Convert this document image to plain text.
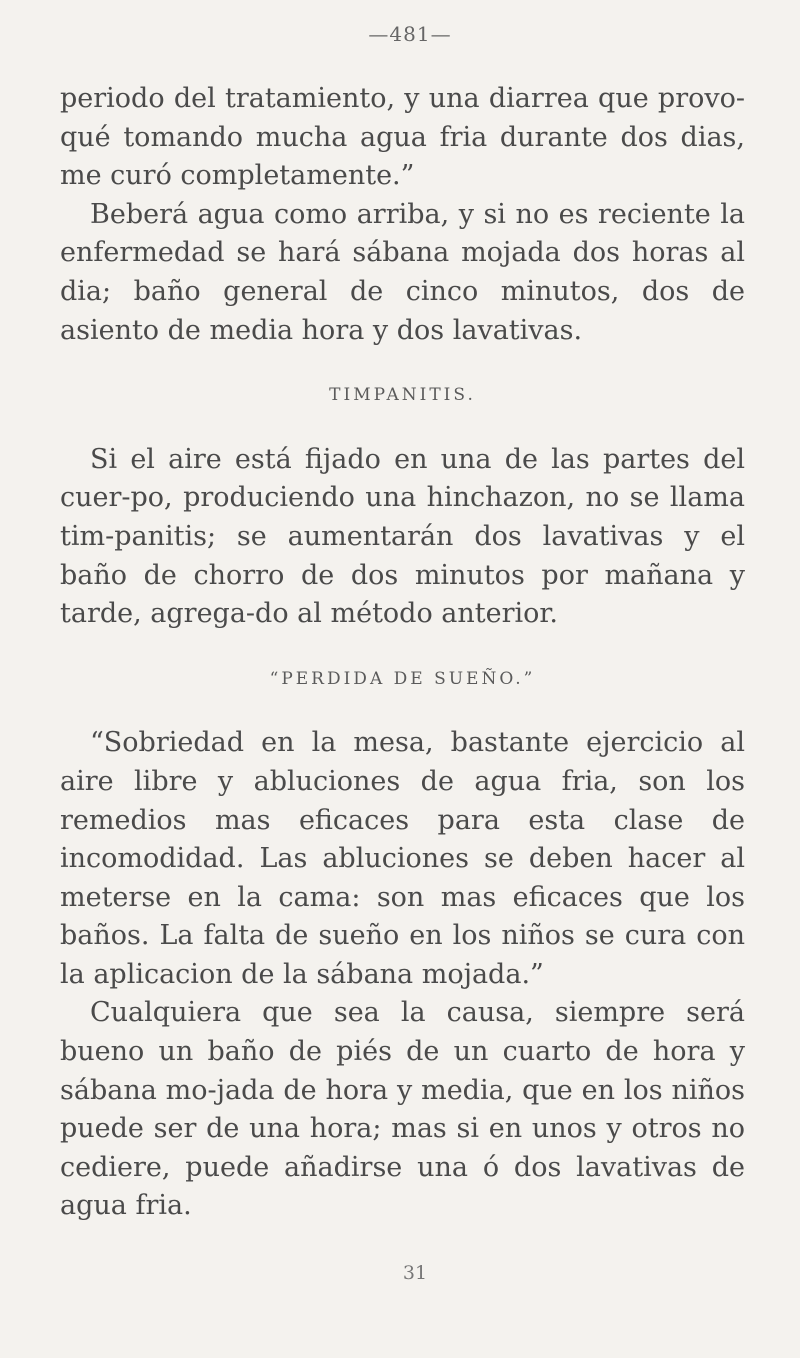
—481—

periodo del tratamiento, y una diarrea que provo-qué tomando mucha agua fria durante dos dias, me curó completamente.”

Beberá agua como arriba, y si no es reciente la enfermedad se hará sábana mojada dos horas al dia; baño general de cinco minutos, dos de asiento de media hora y dos lavativas.

TIMPANITIS.

Si el aire está fijado en una de las partes del cuer-po, produciendo una hinchazon, no se llama tim-panitis; se aumentarán dos lavativas y el baño de chorro de dos minutos por mañana y tarde, agrega-do al método anterior.

“PERDIDA DE SUEÑO.”

“Sobriedad en la mesa, bastante ejercicio al aire libre y abluciones de agua fria, son los remedios mas eficaces para esta clase de incomodidad. Las abluciones se deben hacer al meterse en la cama: son mas eficaces que los baños. La falta de sueño en los niños se cura con la aplicacion de la sábana mojada.”

Cualquiera que sea la causa, siempre será bueno un baño de piés de un cuarto de hora y sábana mo-jada de hora y media, que en los niños puede ser de una hora; mas si en unos y otros no cediere, puede añadirse una ó dos lavativas de agua fria.

31
